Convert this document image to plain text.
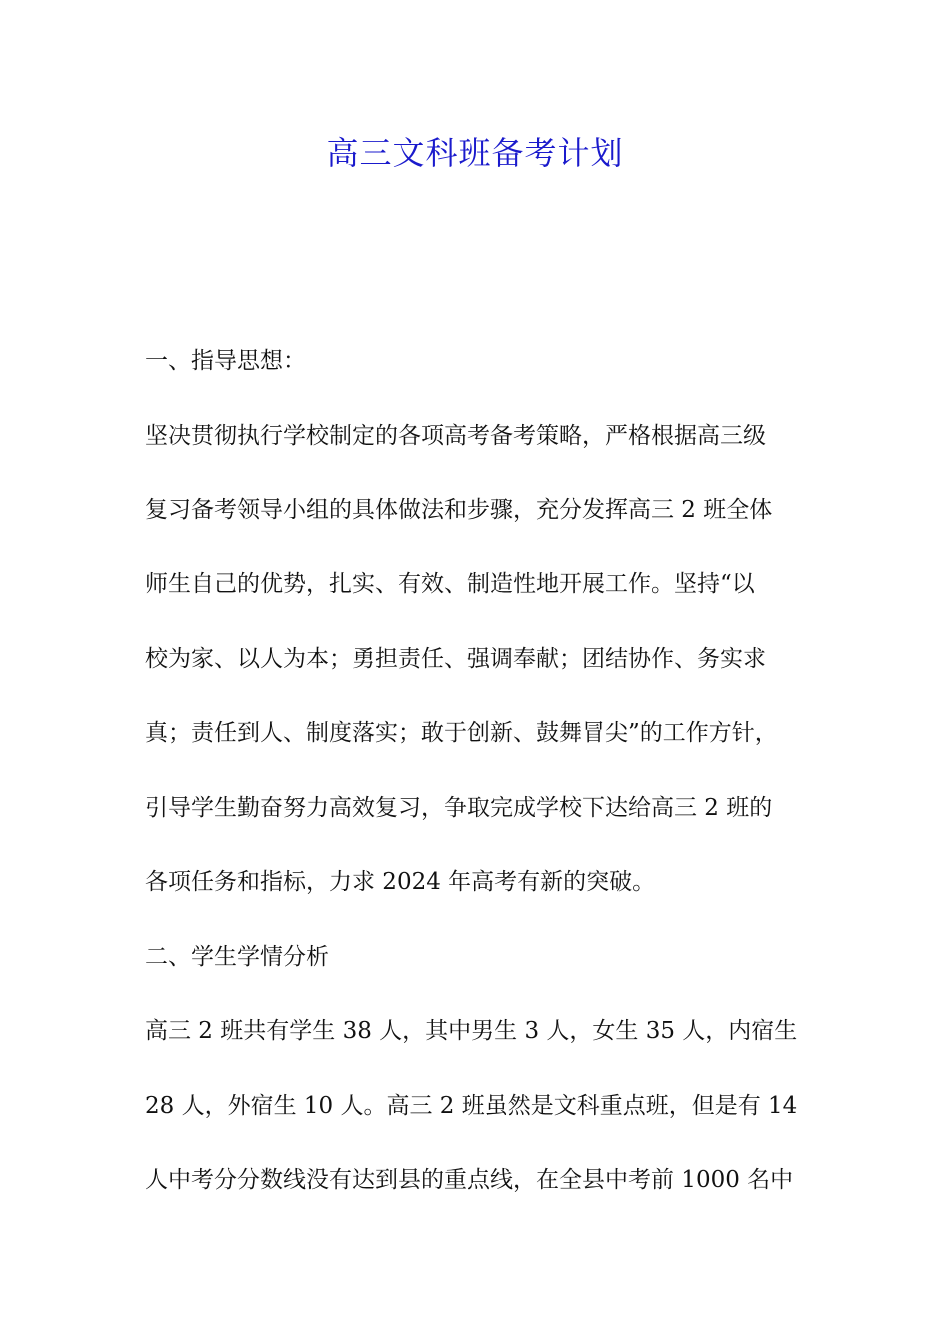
高三文科班备考计划
一、指导思想：
坚决贯彻执行学校制定的各项高考备考策略，严格根据高三级
复习备考领导小组的具体做法和步骤，充分发挥高三 2 班全体
师生自己的优势，扎实、有效、制造性地开展工作。坚持“以
校为家、以人为本；勇担责任、强调奉献；团结协作、务实求
真；责任到人、制度落实；敢于创新、鼓舞冒尖”的工作方针，
引导学生勤奋努力高效复习，争取完成学校下达给高三 2 班的
各项任务和指标，力求 2024 年高考有新的突破。
二、学生学情分析
高三 2 班共有学生 38 人，其中男生 3 人，女生 35 人，内宿生
28 人，外宿生 10 人。高三 2 班虽然是文科重点班，但是有 14
人中考分分数线没有达到县的重点线，在全县中考前 1000 名中
